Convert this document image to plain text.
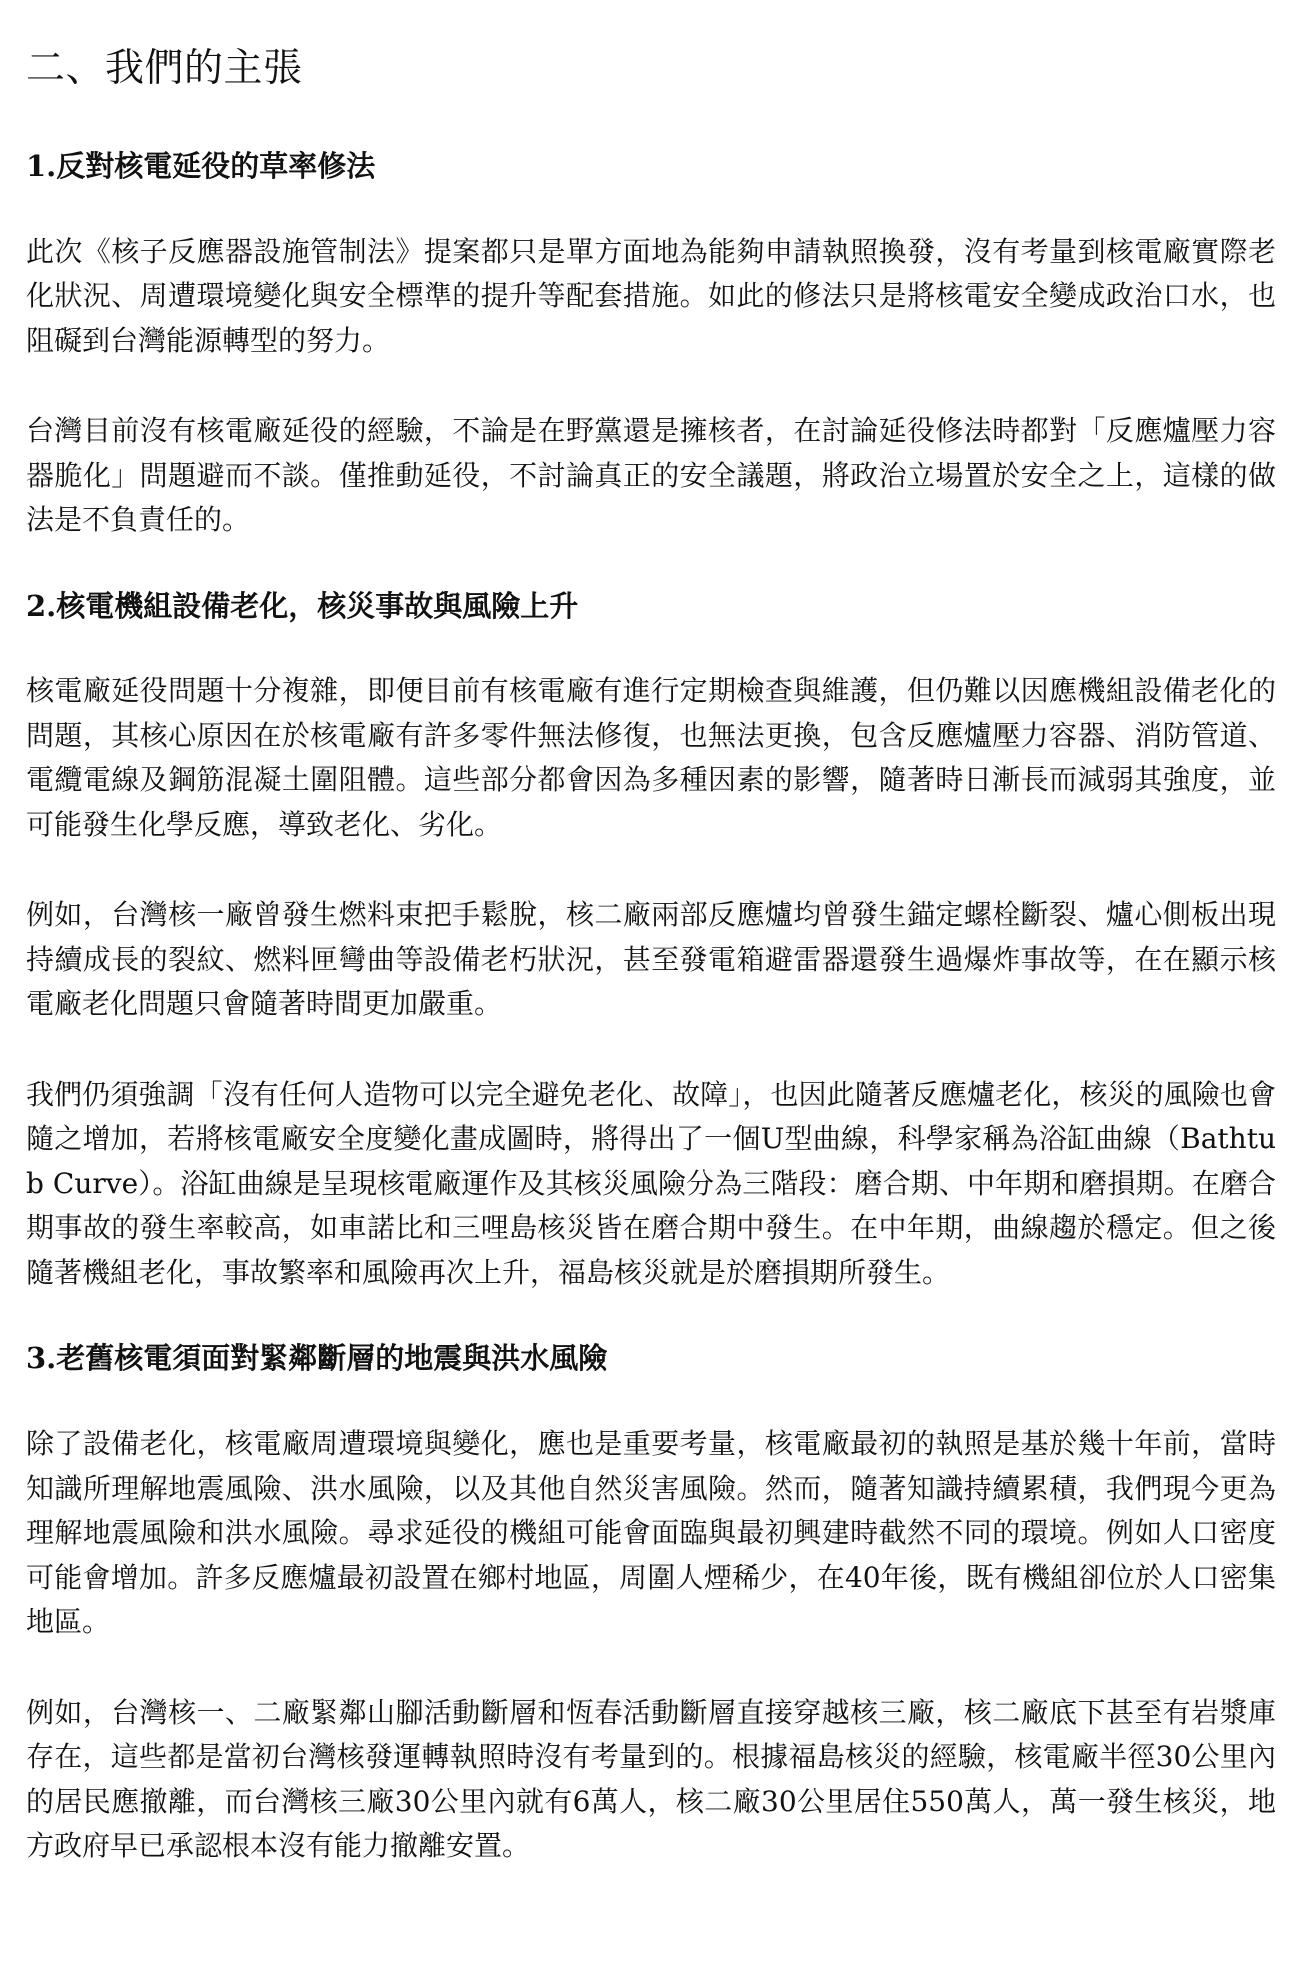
二、我們的主張
1.反對核電延役的草率修法

此次《核子反應器設施管制法》提案都只是單方面地為能夠申請執照換發，沒有考量到核電廠實際老化狀況、周遭環境變化與安全標準的提升等配套措施。如此的修法只是將核電安全變成政治口水，也阻礙到台灣能源轉型的努力。

台灣目前沒有核電廠延役的經驗，不論是在野黨還是擁核者，在討論延役修法時都對「反應爐壓力容器脆化」問題避而不談。僅推動延役，不討論真正的安全議題，將政治立場置於安全之上，這樣的做法是不負責任的。

2.核電機組設備老化，核災事故與風險上升

核電廠延役問題十分複雜，即便目前有核電廠有進行定期檢查與維護，但仍難以因應機組設備老化的問題，其核心原因在於核電廠有許多零件無法修復，也無法更換，包含反應爐壓力容器、消防管道、電纜電線及鋼筋混凝土圍阻體。這些部分都會因為多種因素的影響，隨著時日漸長而減弱其強度，並可能發生化學反應，導致老化、劣化。

例如，台灣核一廠曾發生燃料束把手鬆脫，核二廠兩部反應爐均曾發生錨定螺栓斷裂、爐心側板出現持續成長的裂紋、燃料匣彎曲等設備老朽狀況，甚至發電箱避雷器還發生過爆炸事故等，在在顯示核電廠老化問題只會隨著時間更加嚴重。

我們仍須強調「沒有任何人造物可以完全避免老化、故障」，也因此隨著反應爐老化，核災的風險也會隨之增加，若將核電廠安全度變化畫成圖時，將得出了一個U型曲線，科學家稱為浴缸曲線（Bathtub Curve）。浴缸曲線是呈現核電廠運作及其核災風險分為三階段：磨合期、中年期和磨損期。在磨合期事故的發生率較高，如車諾比和三哩島核災皆在磨合期中發生。在中年期，曲線趨於穩定。但之後隨著機組老化，事故繁率和風險再次上升，福島核災就是於磨損期所發生。

3.老舊核電須面對緊鄰斷層的地震與洪水風險

除了設備老化，核電廠周遭環境與變化，應也是重要考量，核電廠最初的執照是基於幾十年前，當時知識所理解地震風險、洪水風險，以及其他自然災害風險。然而，隨著知識持續累積，我們現今更為理解地震風險和洪水風險。尋求延役的機組可能會面臨與最初興建時截然不同的環境。例如人口密度可能會增加。許多反應爐最初設置在鄉村地區，周圍人煙稀少，在40年後，既有機組卻位於人口密集地區。

例如，台灣核一、二廠緊鄰山腳活動斷層和恆春活動斷層直接穿越核三廠，核二廠底下甚至有岩漿庫存在，這些都是當初台灣核發運轉執照時沒有考量到的。根據福島核災的經驗，核電廠半徑30公里內的居民應撤離，而台灣核三廠30公里內就有6萬人，核二廠30公里居住550萬人，萬一發生核災，地方政府早已承認根本沒有能力撤離安置。
